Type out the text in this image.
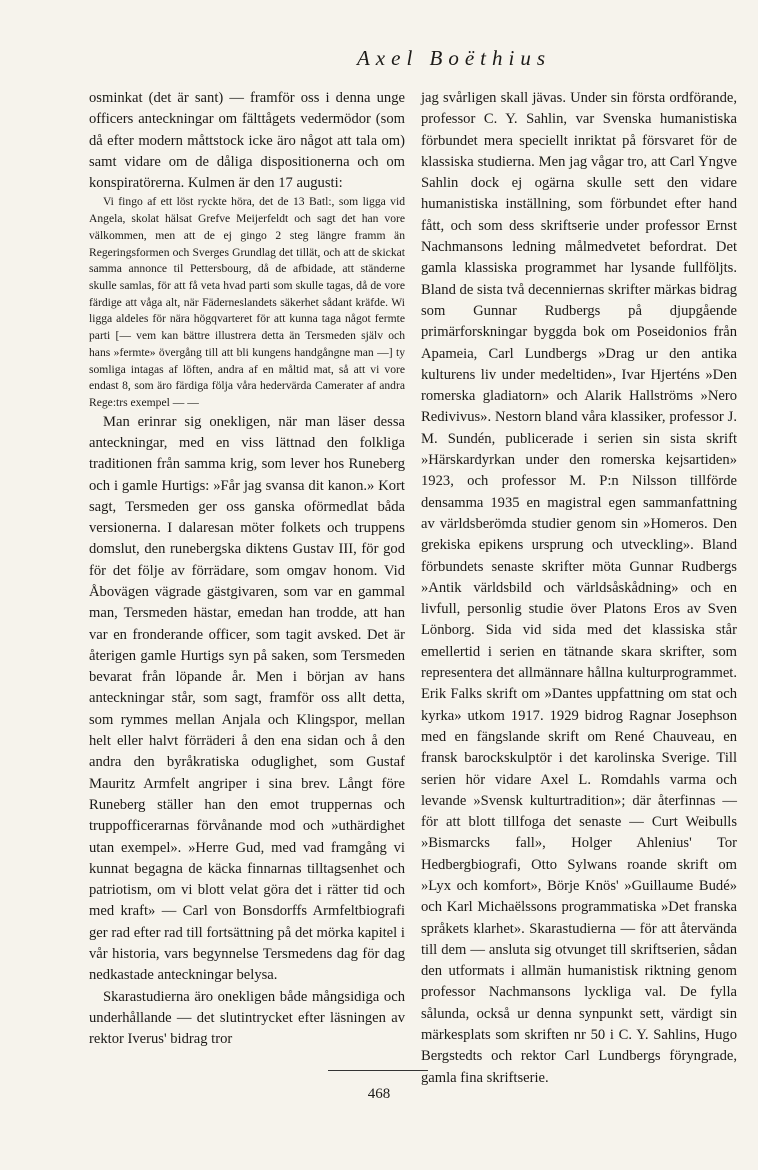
Axel Boëthius

osminkat (det är sant) — framför oss i denna unge officers anteckningar om fälttågets vedermödor (som då efter modern måttstock icke äro något att tala om) samt vidare om de dåliga dispositionerna och om konspiratörerna. Kulmen är den 17 augusti:

Vi fingo af ett löst ryckte höra, det de 13 Batl:, som ligga vid Angela, skolat hälsat Grefve Meijerfeldt och sagt det han vore välkommen, men att de ej gingo 2 steg längre framm än Regeringsformen och Sverges Grundlag det tillät, och att de skickat samma annonce til Pettersbourg, då de afbidade, att ständerne skulle samlas, för att få veta hvad parti som skulle tagas, då de vore färdige att våga alt, när Fäderneslandets säkerhet sådant kräfde. Wi ligga aldeles för nära högqvarteret för att kunna taga något fermte parti [— vem kan bättre illustrera detta än Tersmeden själv och hans »fermte» övergång till att bli kungens handgångne man —] ty somliga intagas af löften, andra af en måltid mat, så att vi vore endast 8, som äro färdiga följa våra hedervärda Camerater af andra Rege:trs exempel — —

Man erinrar sig onekligen, när man läser dessa anteckningar, med en viss lättnad den folkliga traditionen från samma krig, som lever hos Runeberg och i gamle Hurtigs: »Får jag svansa dit kanon.» Kort sagt, Tersmeden ger oss ganska oförmedlat båda versionerna. I dalaresan möter folkets och truppens domslut, den runebergska diktens Gustav III, för god för det följe av förrädare, som omgav honom. Vid Åbovägen vägrade gästgivaren, som var en gammal man, Tersmeden hästar, emedan han trodde, att han var en fronderande officer, som tagit avsked. Det är återigen gamle Hurtigs syn på saken, som Tersmeden bevarat från löpande år. Men i början av hans anteckningar står, som sagt, framför oss allt detta, som rymmes mellan Anjala och Klingspor, mellan helt eller halvt förräderi å den ena sidan och å den andra den byråkratiska oduglighet, som Gustaf Mauritz Armfelt angriper i sina brev. Långt före Runeberg ställer han den emot truppernas och truppofficerarnas förvånande mod och »uthärdighet utan exempel». »Herre Gud, med vad framgång vi kunnat begagna de käcka finnarnas tilltagsenhet och patriotism, om vi blott velat göra det i rätter tid och med kraft» — Carl von Bonsdorffs Armfeltbiografi ger rad efter rad till fortsättning på det mörka kapitel i vår historia, vars begynnelse Tersmedens dag för dag nedkastade anteckningar belysa.

Skarastudierna äro onekligen både mångsidiga och underhållande — det slutintrycket efter läsningen av rektor Iverus' bidrag tror

jag svårligen skall jävas. Under sin första ordförande, professor C. Y. Sahlin, var Svenska humanistiska förbundet mera speciellt inriktat på försvaret för de klassiska studierna. Men jag vågar tro, att Carl Yngve Sahlin dock ej ogärna skulle sett den vidare humanistiska inställning, som förbundet efter hand fått, och som dess skriftserie under professor Ernst Nachmansons ledning målmedvetet befordrat. Det gamla klassiska programmet har lysande fullföljts. Bland de sista två decenniernas skrifter märkas bidrag som Gunnar Rudbergs på djupgående primärforskningar byggda bok om Poseidonios från Apameia, Carl Lundbergs »Drag ur den antika kulturens liv under medeltiden», Ivar Hjerténs »Den romerska gladiatorn» och Alarik Hallströms »Nero Redivivus». Nestorn bland våra klassiker, professor J. M. Sundén, publicerade i serien sin sista skrift »Härskardyrkan under den romerska kejsartiden» 1923, och professor M. P:n Nilsson tillförde densamma 1935 en magistral egen sammanfattning av världsberömda studier genom sin »Homeros. Den grekiska epikens ursprung och utveckling». Bland förbundets senaste skrifter möta Gunnar Rudbergs »Antik världsbild och världsåskådning» och en livfull, personlig studie över Platons Eros av Sven Lönborg. Sida vid sida med det klassiska står emellertid i serien en tätnande skara skrifter, som representera det allmännare hållna kulturprogrammet. Erik Falks skrift om »Dantes uppfattning om stat och kyrka» utkom 1917. 1929 bidrog Ragnar Josephson med en fängslande skrift om René Chauveau, en fransk barockskulptör i det karolinska Sverige. Till serien hör vidare Axel L. Romdahls varma och levande »Svensk kulturtradition»; där återfinnas — för att blott tillfoga det senaste — Curt Weibulls »Bismarcks fall», Holger Ahlenius' Tor Hedbergbiografi, Otto Sylwans roande skrift om »Lyx och komfort», Börje Knös' »Guillaume Budé» och Karl Michaëlssons programmatiska »Det franska språkets klarhet». Skarastudierna — för att återvända till dem — ansluta sig otvunget till skriftserien, sådan den utformats i allmän humanistisk riktning genom professor Nachmansons lyckliga val. De fylla sålunda, också ur denna synpunkt sett, värdigt sin märkesplats som skriften nr 50 i C. Y. Sahlins, Hugo Bergstedts och rektor Carl Lundbergs föryngrade, gamla fina skriftserie.

468
